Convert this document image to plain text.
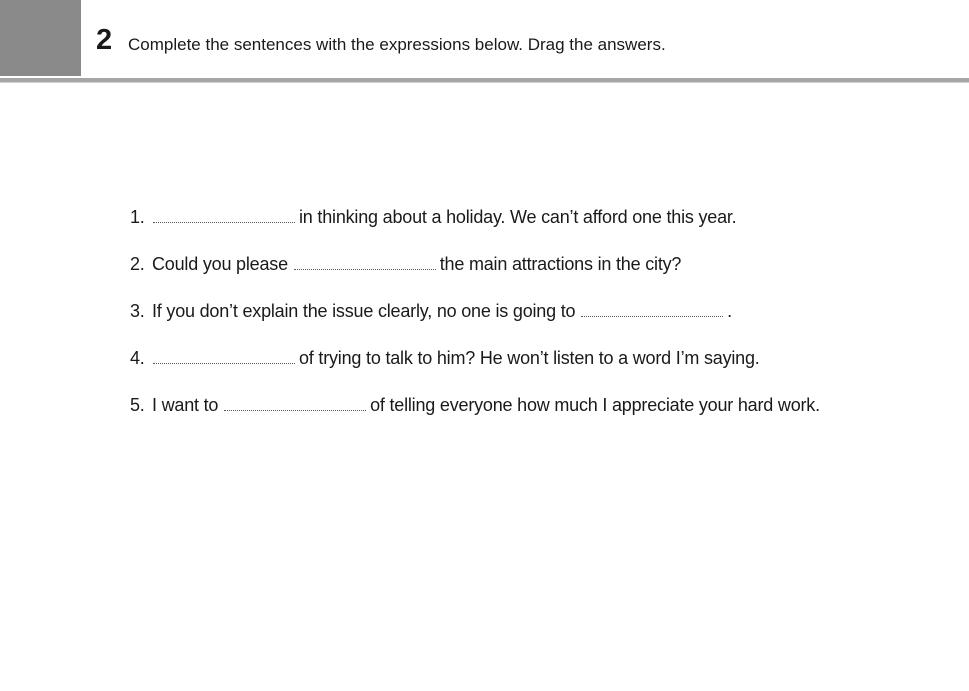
2 Complete the sentences with the expressions below. Drag the answers.
1.	in thinking about a holiday. We can’t afford one this year.
2. Could you please	the main attractions in the city?
3. If you don’t explain the issue clearly, no one is going to	.
4.	of trying to talk to him? He won’t listen to a word I’m saying.
5. I want to	of telling everyone how much I appreciate your hard work.
